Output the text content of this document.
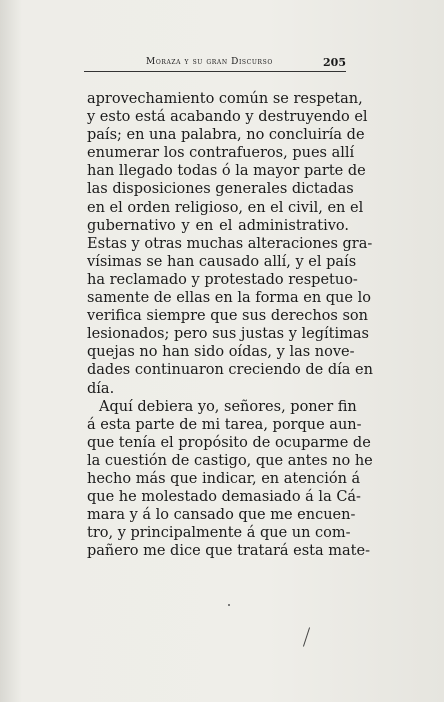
Moraza y su gran Discurso	205
aprovechamiento común se respetan,
y esto está acabando y destruyendo el
país; en una palabra, no concluiría de
enumerar los contrafueros, pues allí
han llegado todas ó la mayor parte de
las disposiciones generales dictadas
en el orden religioso, en el civil, en el
gubernativo y en el administrativo.
Estas y otras muchas alteraciones gra-
vísimas se han causado allí, y el país
ha reclamado y protestado respetuo-
samente de ellas en la forma en que lo
verifica siempre que sus derechos son
lesionados; pero sus justas y legítimas
quejas no han sido oídas, y las nove-
dades continuaron creciendo de día en
día.
Aquí debiera yo, señores, poner fin
á esta parte de mi tarea, porque aun-
que tenía el propósito de ocuparme de
la cuestión de castigo, que antes no he
hecho más que indicar, en atención á
que he molestado demasiado á la Cá-
mara y á lo cansado que me encuen-
tro, y principalmente á que un com-
pañero me dice que tratará esta mate-
